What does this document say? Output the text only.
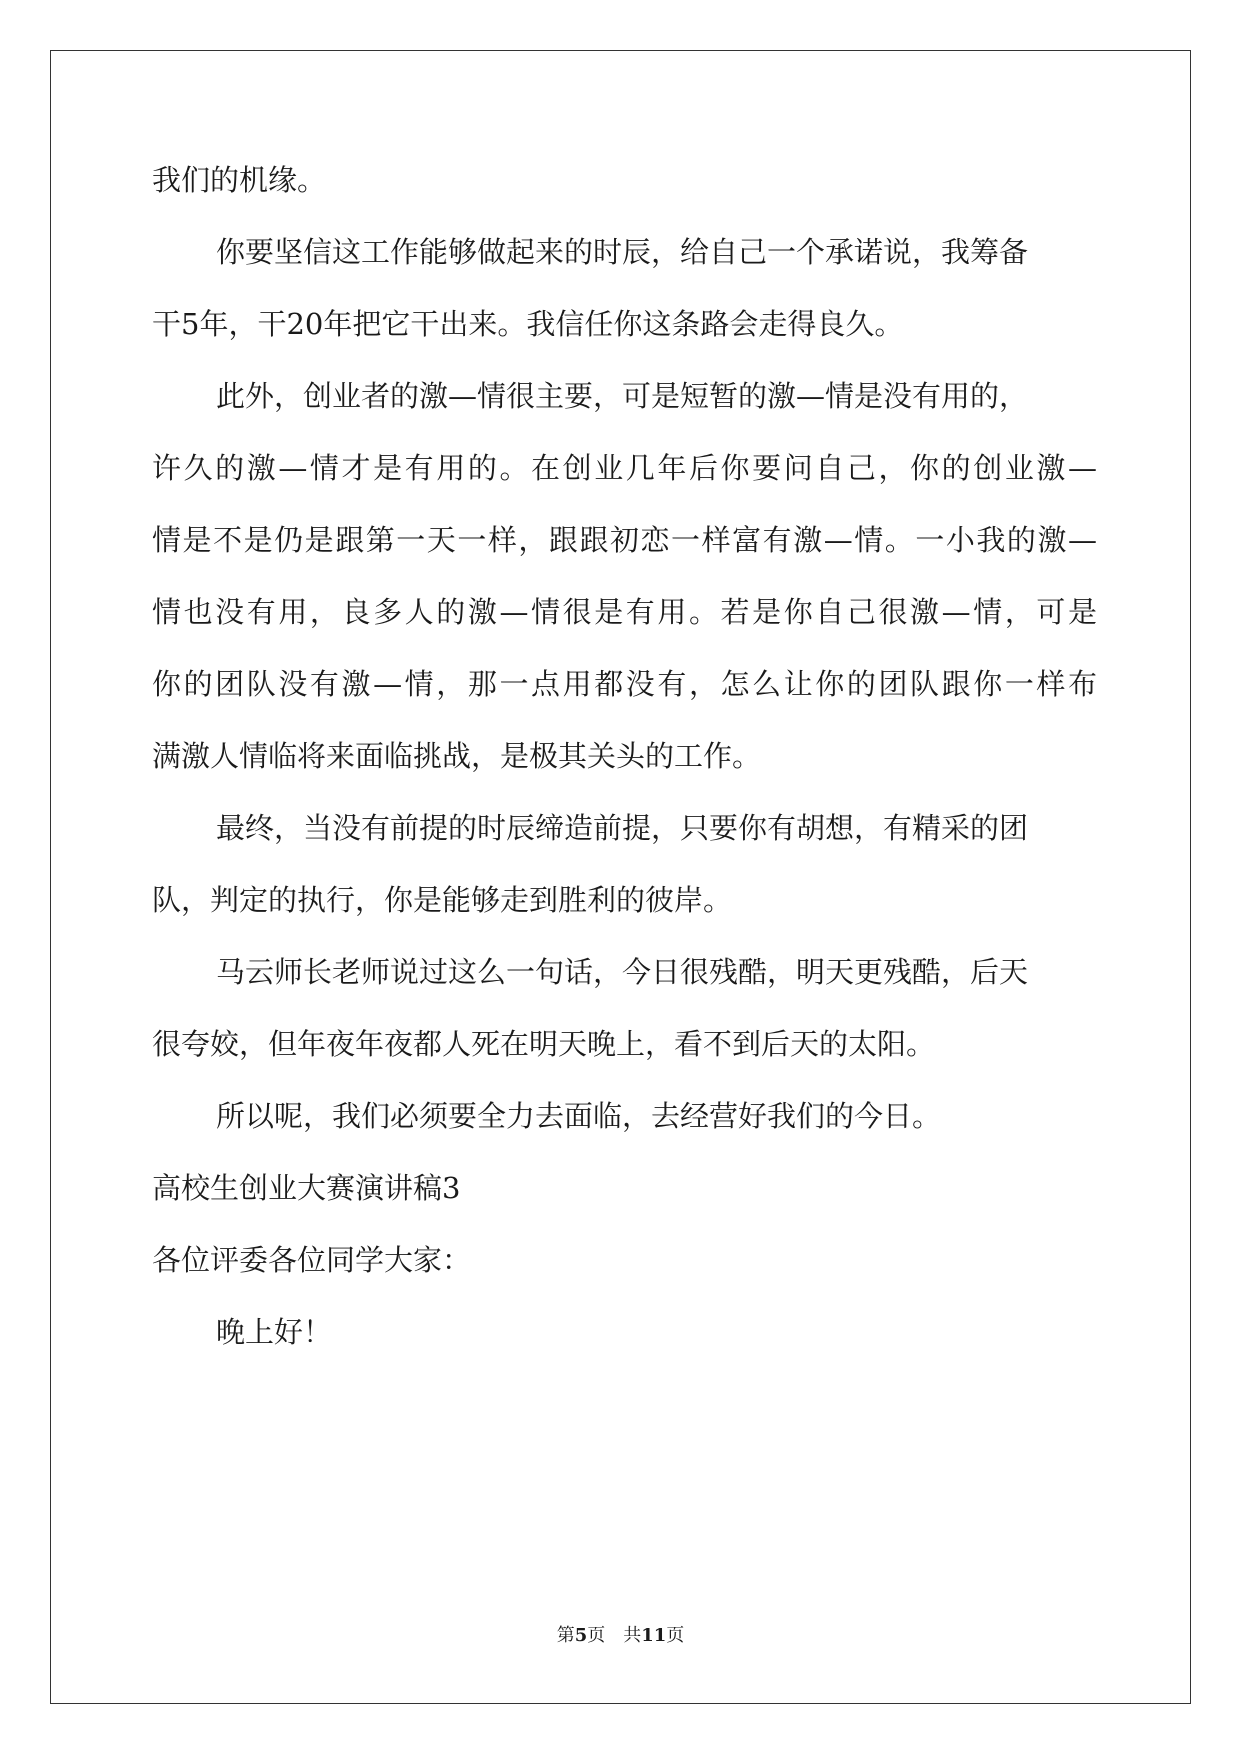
我们的机缘。
你要坚信这工作能够做起来的时辰，给自己一个承诺说，我筹备
干5年，干20年把它干出来。我信任你这条路会走得良久。
此外，创业者的激—情很主要，可是短暂的激—情是没有用的，
许久的激—情才是有用的。在创业几年后你要问自己，你的创业激—
情是不是仍是跟第一天一样，跟跟初恋一样富有激—情。一小我的激—
情也没有用，良多人的激—情很是有用。若是你自己很激—情，可是
你的团队没有激—情，那一点用都没有，怎么让你的团队跟你一样布
满激人情临将来面临挑战，是极其关头的工作。
最终，当没有前提的时辰缔造前提，只要你有胡想，有精采的团
队，判定的执行，你是能够走到胜利的彼岸。
马云师长老师说过这么一句话，今日很残酷，明天更残酷，后天
很夸姣，但年夜年夜都人死在明天晚上，看不到后天的太阳。
所以呢，我们必须要全力去面临，去经营好我们的今日。
高校生创业大赛演讲稿3
各位评委各位同学大家：
晚上好！
第5页　共11页
